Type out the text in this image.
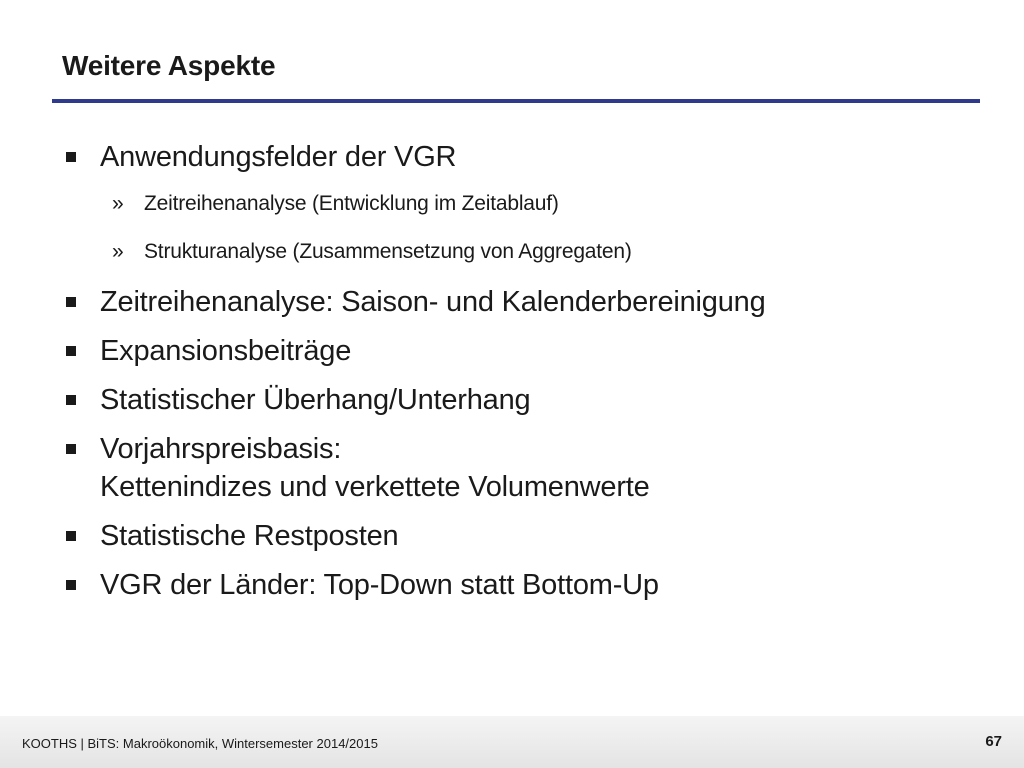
Weitere Aspekte
Anwendungsfelder der VGR
» Zeitreihenanalyse (Entwicklung im Zeitablauf)
» Strukturanalyse (Zusammensetzung von Aggregaten)
Zeitreihenanalyse: Saison- und Kalenderbereinigung
Expansionsbeiträge
Statistischer Überhang/Unterhang
Vorjahrspreisbasis:
Kettenindizes und verkettete Volumenwerte
Statistische Restposten
VGR der Länder: Top-Down statt Bottom-Up
KOOTHS | BiTS: Makroökonomik, Wintersemester 2014/2015	67
